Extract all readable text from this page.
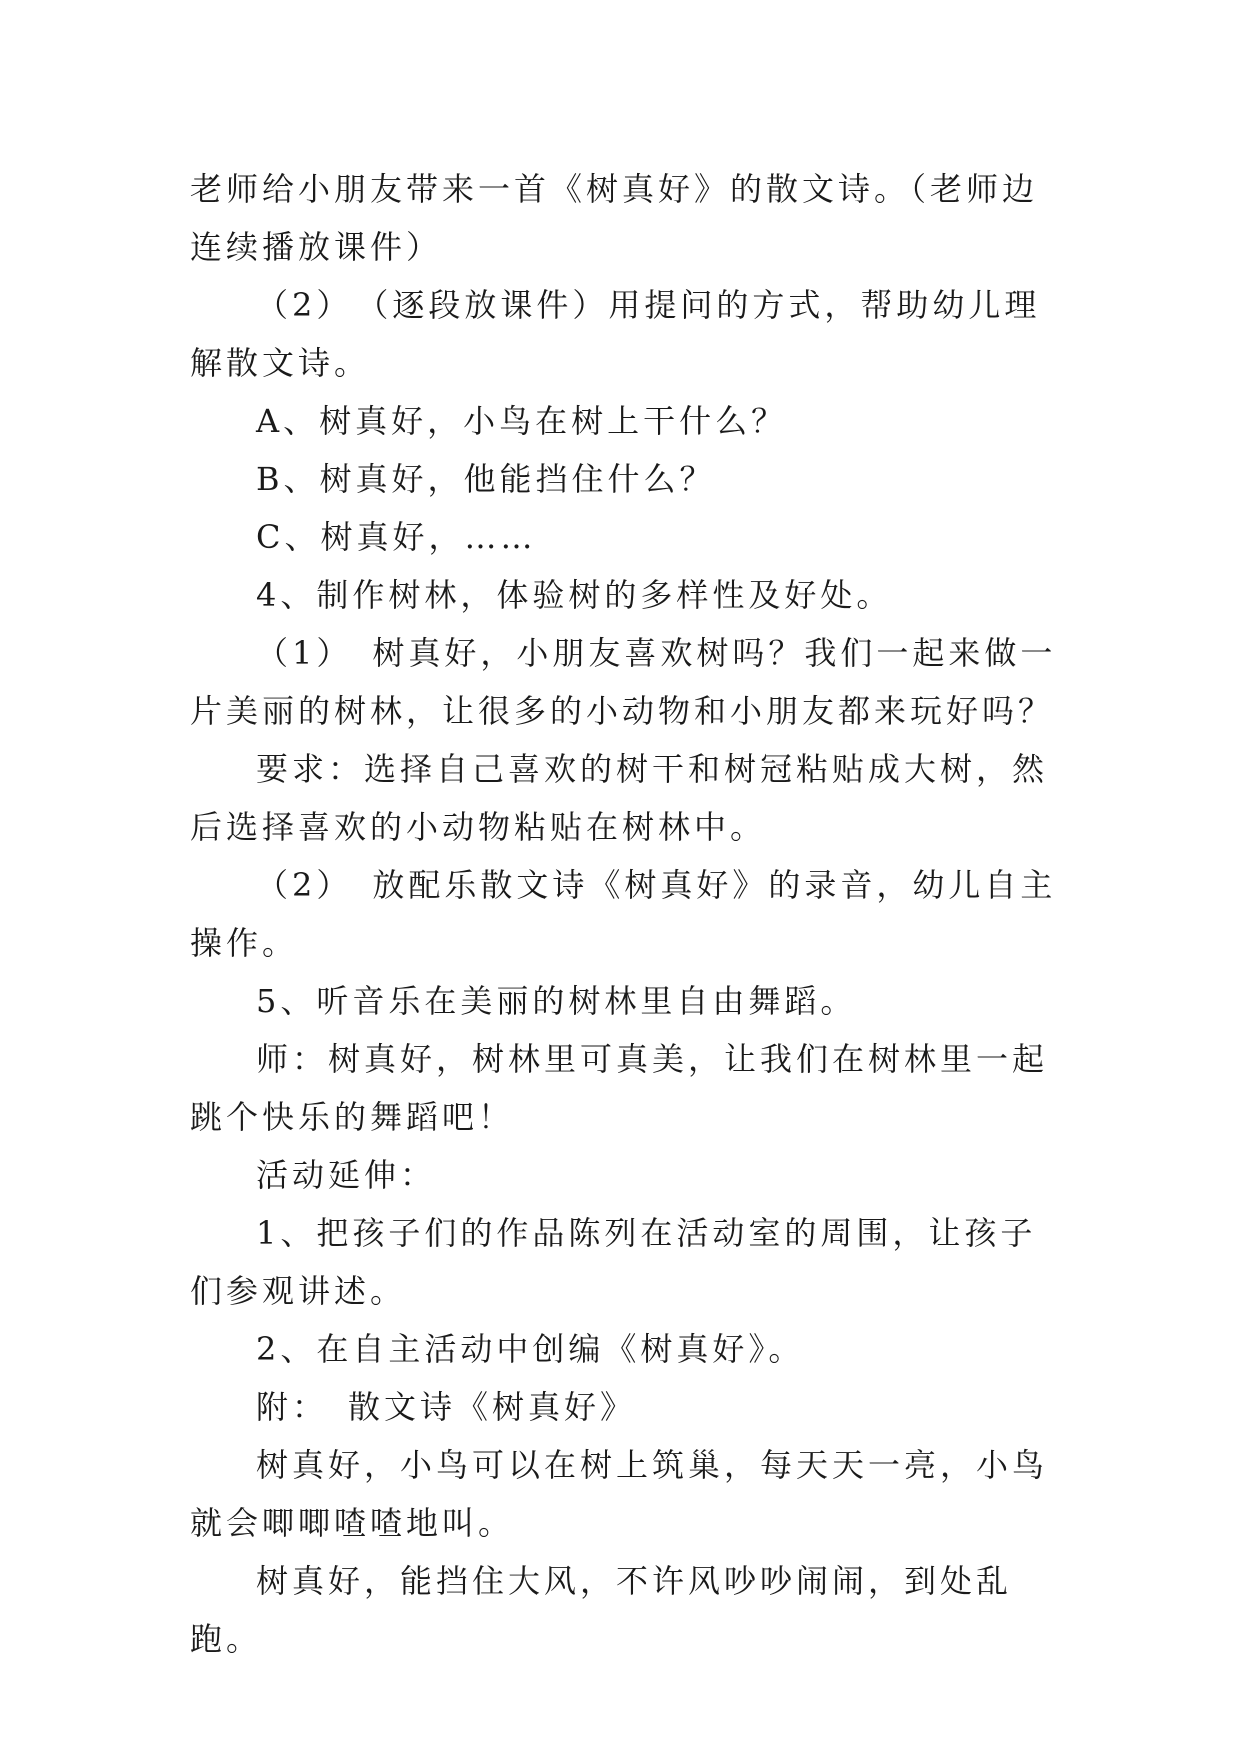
老师给小朋友带来一首《树真好》的散文诗。（老师边连续播放课件）

（2）　（逐段放课件）用提问的方式，帮助幼儿理解散文诗。

A、树真好，小鸟在树上干什么？

B、树真好，他能挡住什么？

C、树真好，……

4、制作树林，体验树的多样性及好处。

（1）　树真好，小朋友喜欢树吗？我们一起来做一片美丽的树林，让很多的小动物和小朋友都来玩好吗？

要求：选择自己喜欢的树干和树冠粘贴成大树，然后选择喜欢的小动物粘贴在树林中。

（2）　放配乐散文诗《树真好》的录音，幼儿自主操作。

5、听音乐在美丽的树林里自由舞蹈。

师：树真好，树林里可真美，让我们在树林里一起跳个快乐的舞蹈吧！

活动延伸：

1、把孩子们的作品陈列在活动室的周围，让孩子们参观讲述。

2、在自主活动中创编《树真好》。

附：　散文诗《树真好》

树真好，小鸟可以在树上筑巢，每天天一亮，小鸟就会唧唧喳喳地叫。

树真好，能挡住大风，不许风吵吵闹闹，到处乱跑。
